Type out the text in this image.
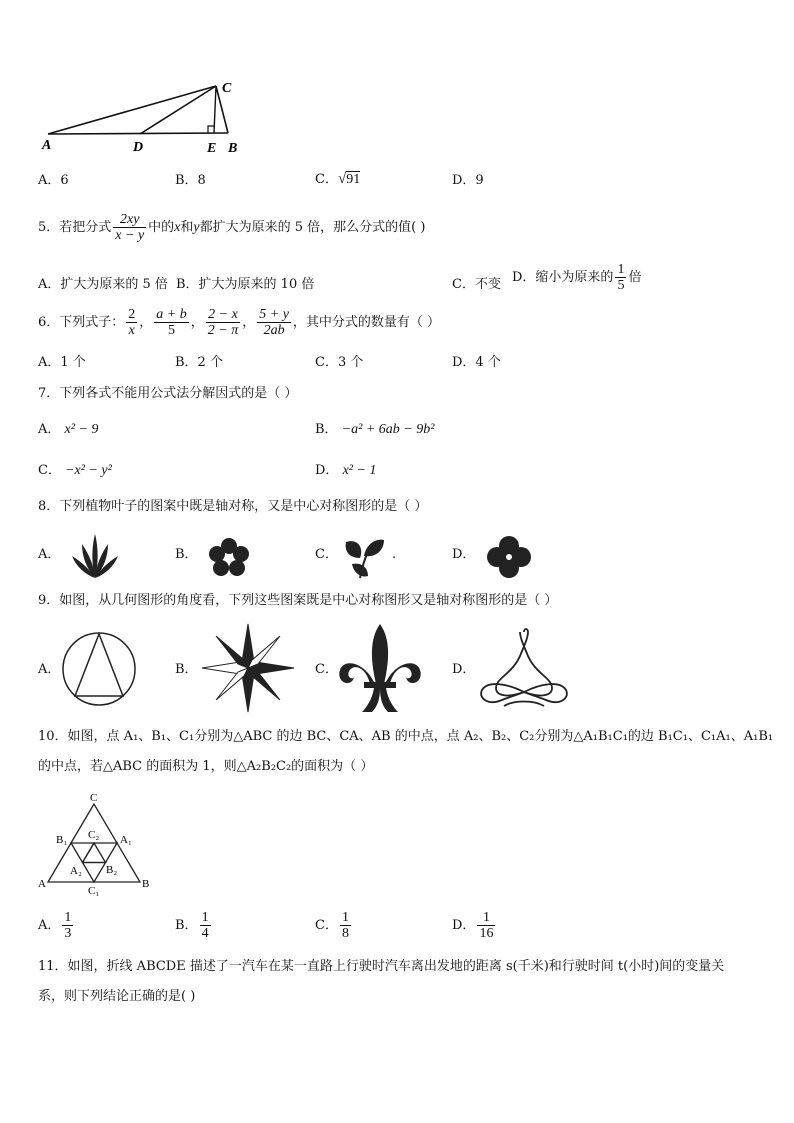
A	D	E B
C
A．6	B．8	C．√91	D．9
5．若把分式 $\frac{2xy}{x - y}$ 中的x和y都扩大为原来的 5 倍，那么分式的值( )
A．扩大为原来的 5 倍 B．扩大为原来的 10 倍	C．不变 D．缩小为原来的 $\frac{1}{5}$ 倍
6．下列式子： $\frac{2}{x}$ ， $\frac{a + b}{5}$ ， $\frac{2 - x}{2 - \pi}$ ， $\frac{5 + y}{2ab}$ ，其中分式的数量有（ ）
A．1 个	B．2 个	C．3 个	D．4 个
7．下列各式不能用公式法分解因式的是（ ）
A． x² − 9	B． −a² + 6ab − 9b²
C． −x² − y²	D． x² − 1
8．下列植物叶子的图案中既是轴对称，又是中心对称图形的是（ ）
A．	B．	C．	.	D．
9．如图，从几何图形的角度看，下列这些图案既是中心对称图形又是轴对称图形的是（ ）
A．	B．	C．	D．
10．如图，点 A₁、B₁、C₁分别为△ABC 的边 BC、CA、AB 的中点，点 A₂、B₂、C₂分别为△A₁B₁C₁的边 B₁C₁、C₁A₁、A₁B₁
的中点，若△ABC 的面积为 1，则△A₂B₂C₂的面积为（ ）
C
B₁ C₂ A₁
A₂ B₂
A
C₁
B
A． $\frac{1}{3}$	B． $\frac{1}{4}$	C． $\frac{1}{8}$	D． $\frac{1}{16}$
11．如图，折线 ABCDE 描述了一汽车在某一直路上行驶时汽车离出发地的距离 s(千米)和行驶时间 t(小时)间的变量关
系，则下列结论正确的是( )
